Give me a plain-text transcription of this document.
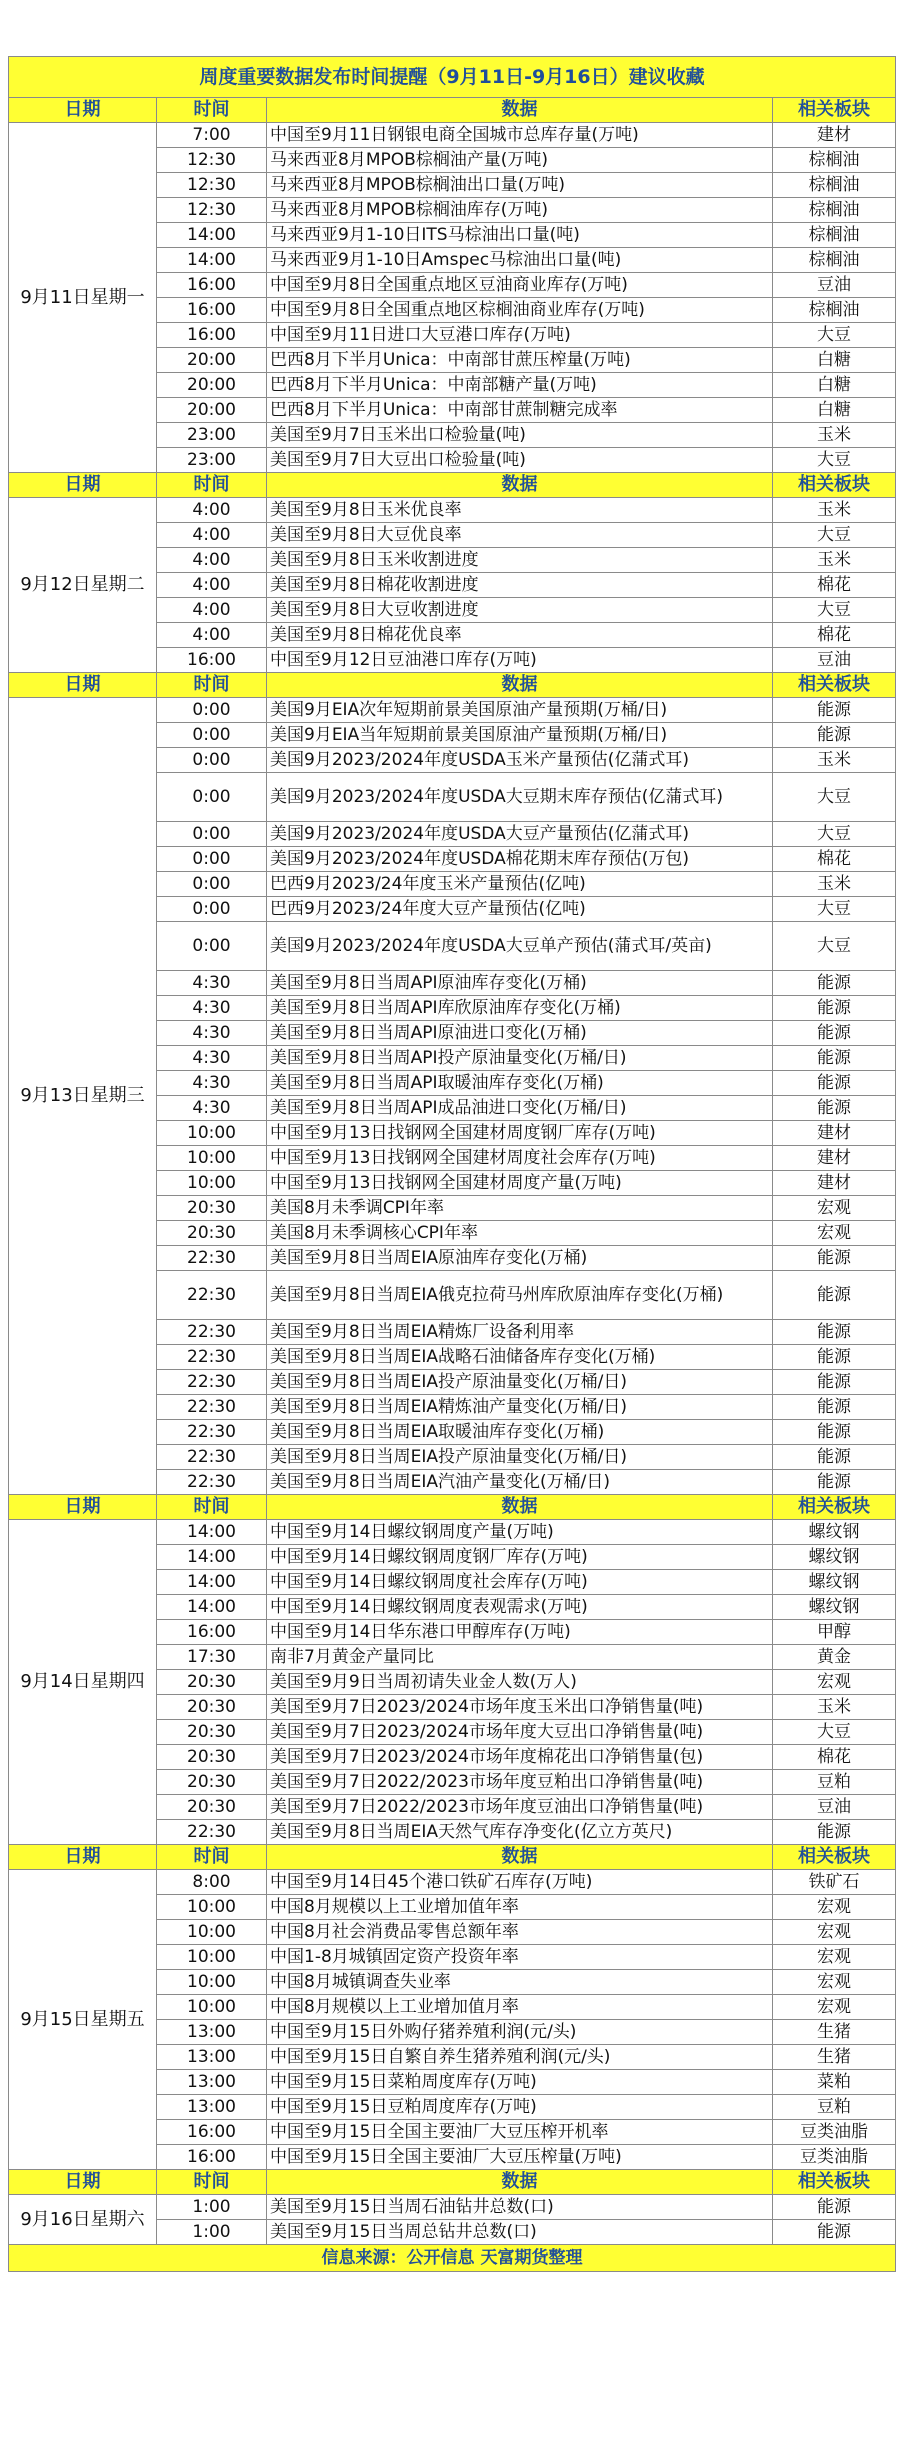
周度重要数据发布时间提醒（9月11日-9月16日）建议收藏			
日期	时间	数据	相关板块
9月11日星期一	7:00	中国至9月11日钢银电商全国城市总库存量(万吨)	建材
	12:30	马来西亚8月MPOB棕榈油产量(万吨)	棕榈油
	12:30	马来西亚8月MPOB棕榈油出口量(万吨)	棕榈油
	12:30	马来西亚8月MPOB棕榈油库存(万吨)	棕榈油
	14:00	马来西亚9月1-10日ITS马棕油出口量(吨)	棕榈油
	14:00	马来西亚9月1-10日Amspec马棕油出口量(吨)	棕榈油
	16:00	中国至9月8日全国重点地区豆油商业库存(万吨)	豆油
	16:00	中国至9月8日全国重点地区棕榈油商业库存(万吨)	棕榈油
	16:00	中国至9月11日进口大豆港口库存(万吨)	大豆
	20:00	巴西8月下半月Unica：中南部甘蔗压榨量(万吨)	白糖
	20:00	巴西8月下半月Unica：中南部糖产量(万吨)	白糖
	20:00	巴西8月下半月Unica：中南部甘蔗制糖完成率	白糖
	23:00	美国至9月7日玉米出口检验量(吨)	玉米
	23:00	美国至9月7日大豆出口检验量(吨)	大豆
日期	时间	数据	相关板块
9月12日星期二	4:00	美国至9月8日玉米优良率	玉米
	4:00	美国至9月8日大豆优良率	大豆
	4:00	美国至9月8日玉米收割进度	玉米
	4:00	美国至9月8日棉花收割进度	棉花
	4:00	美国至9月8日大豆收割进度	大豆
	4:00	美国至9月8日棉花优良率	棉花
	16:00	中国至9月12日豆油港口库存(万吨)	豆油
日期	时间	数据	相关板块
9月13日星期三	0:00	美国9月EIA次年短期前景美国原油产量预期(万桶/日)	能源
	0:00	美国9月EIA当年短期前景美国原油产量预期(万桶/日)	能源
	0:00	美国9月2023/2024年度USDA玉米产量预估(亿蒲式耳)	玉米
	0:00	美国9月2023/2024年度USDA大豆期末库存预估(亿蒲式耳)	大豆
	0:00	美国9月2023/2024年度USDA大豆产量预估(亿蒲式耳)	大豆
	0:00	美国9月2023/2024年度USDA棉花期末库存预估(万包)	棉花
	0:00	巴西9月2023/24年度玉米产量预估(亿吨)	玉米
	0:00	巴西9月2023/24年度大豆产量预估(亿吨)	大豆
	0:00	美国9月2023/2024年度USDA大豆单产预估(蒲式耳/英亩)	大豆
	4:30	美国至9月8日当周API原油库存变化(万桶)	能源
	4:30	美国至9月8日当周API库欣原油库存变化(万桶)	能源
	4:30	美国至9月8日当周API原油进口变化(万桶)	能源
	4:30	美国至9月8日当周API投产原油量变化(万桶/日)	能源
	4:30	美国至9月8日当周API取暖油库存变化(万桶)	能源
	4:30	美国至9月8日当周API成品油进口变化(万桶/日)	能源
	10:00	中国至9月13日找钢网全国建材周度钢厂库存(万吨)	建材
	10:00	中国至9月13日找钢网全国建材周度社会库存(万吨)	建材
	10:00	中国至9月13日找钢网全国建材周度产量(万吨)	建材
	20:30	美国8月未季调CPI年率	宏观
	20:30	美国8月未季调核心CPI年率	宏观
	22:30	美国至9月8日当周EIA原油库存变化(万桶)	能源
	22:30	美国至9月8日当周EIA俄克拉荷马州库欣原油库存变化(万桶)	能源
	22:30	美国至9月8日当周EIA精炼厂设备利用率	能源
	22:30	美国至9月8日当周EIA战略石油储备库存变化(万桶)	能源
	22:30	美国至9月8日当周EIA投产原油量变化(万桶/日)	能源
	22:30	美国至9月8日当周EIA精炼油产量变化(万桶/日)	能源
	22:30	美国至9月8日当周EIA取暖油库存变化(万桶)	能源
	22:30	美国至9月8日当周EIA投产原油量变化(万桶/日)	能源
	22:30	美国至9月8日当周EIA汽油产量变化(万桶/日)	能源
日期	时间	数据	相关板块
9月14日星期四	14:00	中国至9月14日螺纹钢周度产量(万吨)	螺纹钢
	14:00	中国至9月14日螺纹钢周度钢厂库存(万吨)	螺纹钢
	14:00	中国至9月14日螺纹钢周度社会库存(万吨)	螺纹钢
	14:00	中国至9月14日螺纹钢周度表观需求(万吨)	螺纹钢
	16:00	中国至9月14日华东港口甲醇库存(万吨)	甲醇
	17:30	南非7月黄金产量同比	黄金
	20:30	美国至9月9日当周初请失业金人数(万人)	宏观
	20:30	美国至9月7日2023/2024市场年度玉米出口净销售量(吨)	玉米
	20:30	美国至9月7日2023/2024市场年度大豆出口净销售量(吨)	大豆
	20:30	美国至9月7日2023/2024市场年度棉花出口净销售量(包)	棉花
	20:30	美国至9月7日2022/2023市场年度豆粕出口净销售量(吨)	豆粕
	20:30	美国至9月7日2022/2023市场年度豆油出口净销售量(吨)	豆油
	22:30	美国至9月8日当周EIA天然气库存净变化(亿立方英尺)	能源
日期	时间	数据	相关板块
9月15日星期五	8:00	中国至9月14日45个港口铁矿石库存(万吨)	铁矿石
	10:00	中国8月规模以上工业增加值年率	宏观
	10:00	中国8月社会消费品零售总额年率	宏观
	10:00	中国1-8月城镇固定资产投资年率	宏观
	10:00	中国8月城镇调查失业率	宏观
	10:00	中国8月规模以上工业增加值月率	宏观
	13:00	中国至9月15日外购仔猪养殖利润(元/头)	生猪
	13:00	中国至9月15日自繁自养生猪养殖利润(元/头)	生猪
	13:00	中国至9月15日菜粕周度库存(万吨)	菜粕
	13:00	中国至9月15日豆粕周度库存(万吨)	豆粕
	16:00	中国至9月15日全国主要油厂大豆压榨开机率	豆类油脂
	16:00	中国至9月15日全国主要油厂大豆压榨量(万吨)	豆类油脂
日期	时间	数据	相关板块
9月16日星期六	1:00	美国至9月15日当周石油钻井总数(口)	能源
	1:00	美国至9月15日当周总钻井总数(口)	能源
信息来源：公开信息 天富期货整理			
